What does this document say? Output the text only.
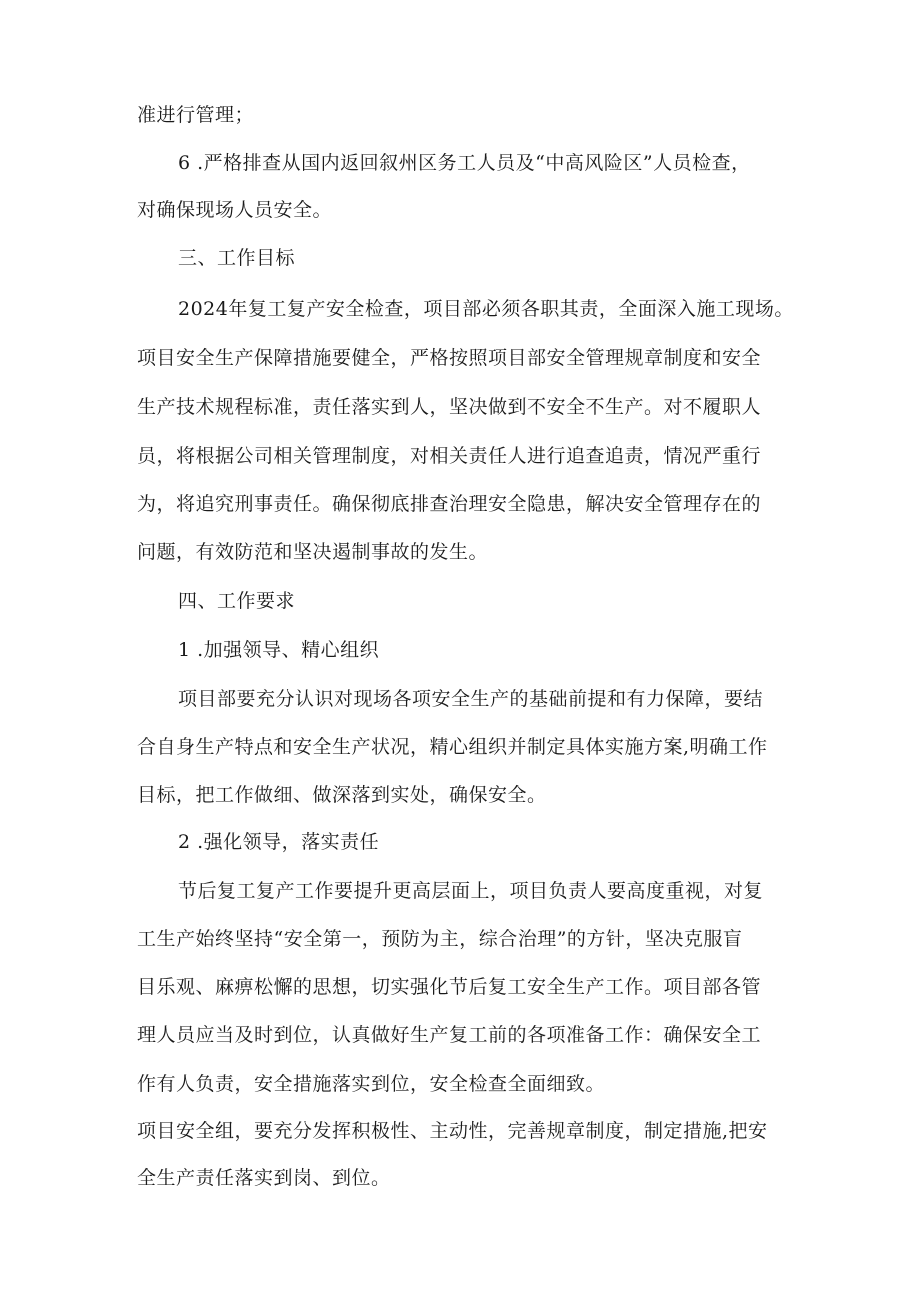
准进行管理；
6 .严格排查从国内返回叙州区务工人员及“中高风险区”人员检查，
对确保现场人员安全。
三、工作目标
2024年复工复产安全检查，项目部必须各职其责，全面深入施工现场。
项目安全生产保障措施要健全，严格按照项目部安全管理规章制度和安全
生产技术规程标准，责任落实到人，坚决做到不安全不生产。对不履职人
员，将根据公司相关管理制度，对相关责任人进行追查追责，情况严重行
为，将追究刑事责任。确保彻底排查治理安全隐患，解决安全管理存在的
问题，有效防范和坚决遏制事故的发生。
四、工作要求
1 .加强领导、精心组织
项目部要充分认识对现场各项安全生产的基础前提和有力保障，要结
合自身生产特点和安全生产状况，精心组织并制定具体实施方案,明确工作
目标，把工作做细、做深落到实处，确保安全。
2 .强化领导，落实责任
节后复工复产工作要提升更高层面上，项目负责人要高度重视，对复
工生产始终坚持“安全第一，预防为主，综合治理”的方针，坚决克服盲
目乐观、麻痹松懈的思想，切实强化节后复工安全生产工作。项目部各管
理人员应当及时到位，认真做好生产复工前的各项准备工作：确保安全工
作有人负责，安全措施落实到位，安全检查全面细致。
项目安全组，要充分发挥积极性、主动性，完善规章制度，制定措施,把安
全生产责任落实到岗、到位。
